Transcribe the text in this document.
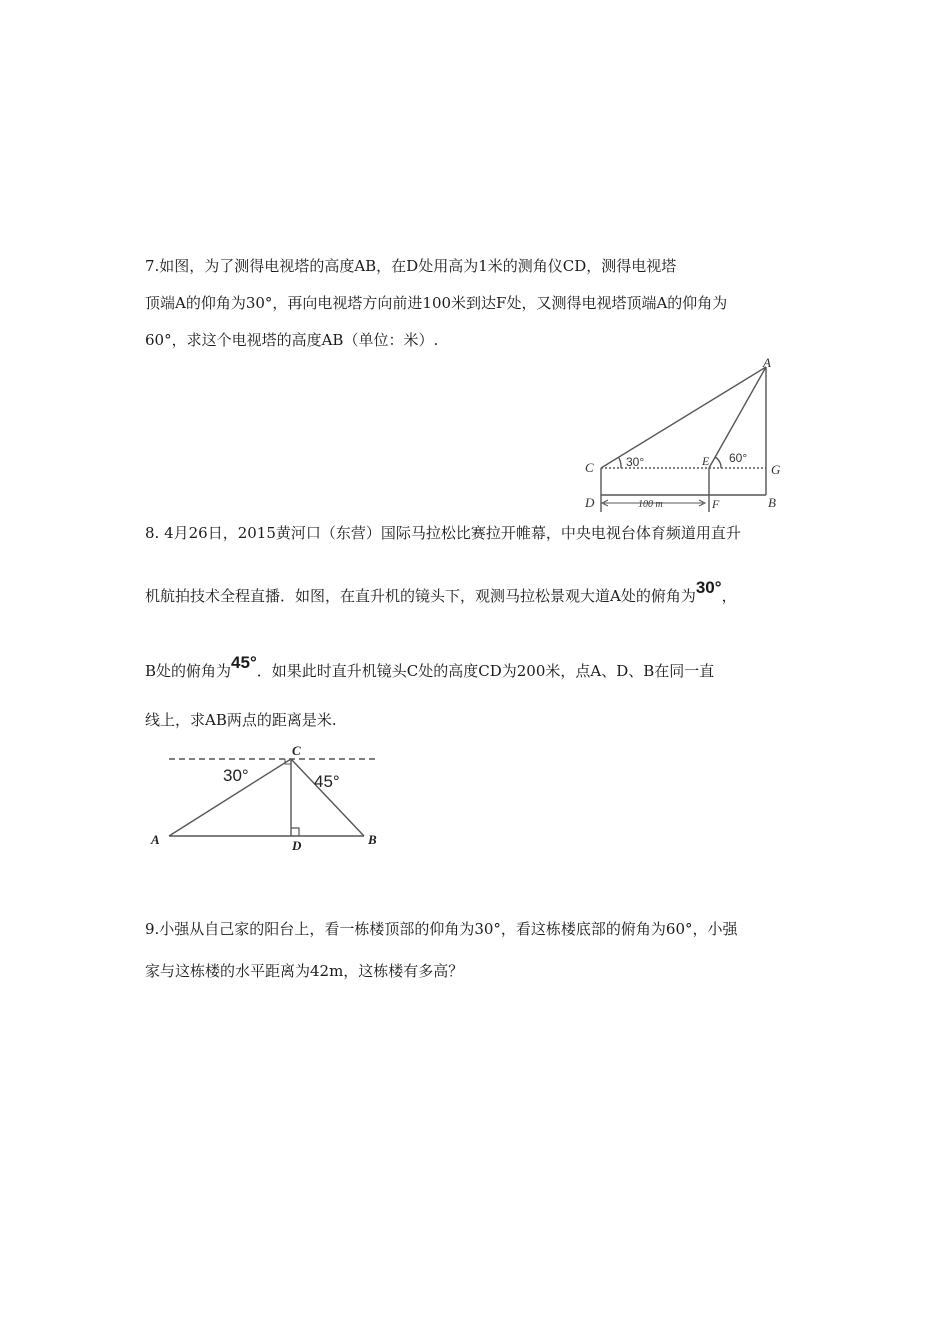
7.如图，为了测得电视塔的高度AB，在D处用高为1米的测角仪CD，测得电视塔
顶端A的仰角为30°，再向电视塔方向前进100米到达F处，又测得电视塔顶端A的仰角为
60°，求这个电视塔的高度AB（单位：米）.
A
C	E
G
D	F	B
30°	60°
100 m
8. 4月26日，2015黄河口（东营）国际马拉松比赛拉开帷幕，中央电视台体育频道用直升
机航拍技术全程直播．如图，在直升机的镜头下，观测马拉松景观大道A处的俯角为30°，
B处的俯角为45°．如果此时直升机镜头C处的高度CD为200米，点A、D、B在同一直
线上，求AB两点的距离是米.
C
A	D	B
30°	45°
9.小强从自己家的阳台上，看一栋楼顶部的仰角为30°，看这栋楼底部的俯角为60°，小强
家与这栋楼的水平距离为42m，这栋楼有多高？
